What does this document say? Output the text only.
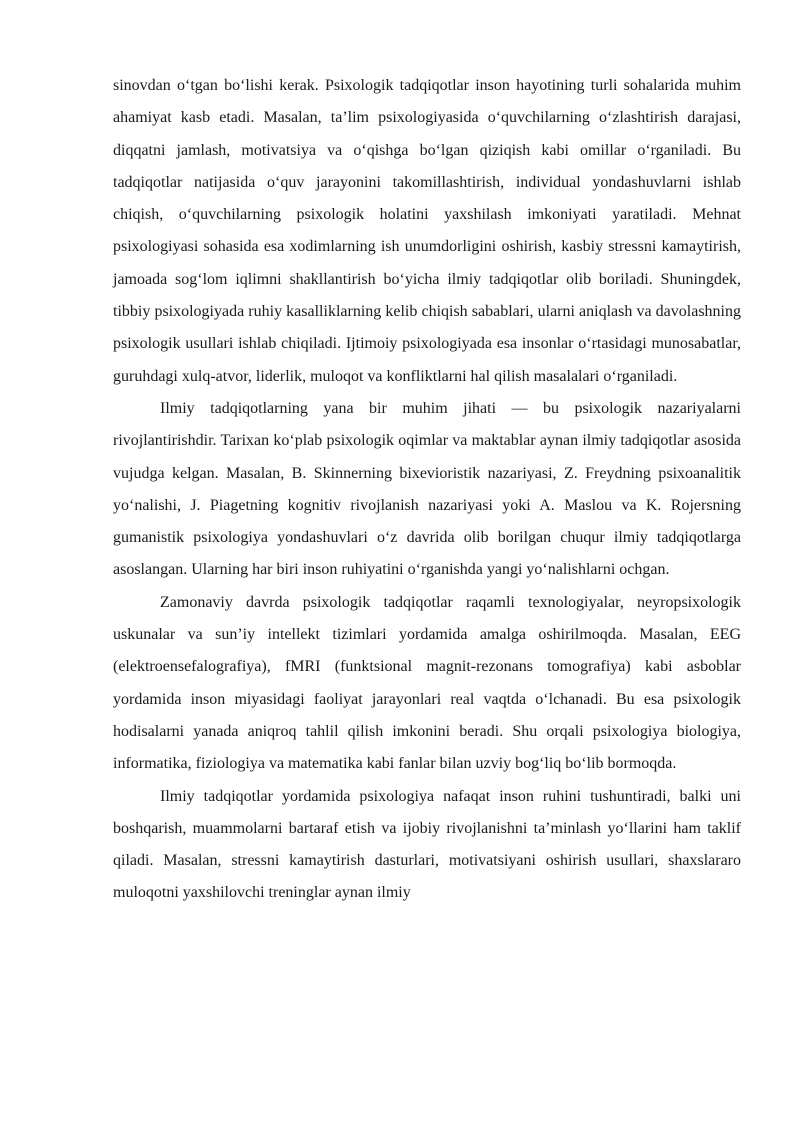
sinovdan o‘tgan bo‘lishi kerak. Psixologik tadqiqotlar inson hayotining turli sohalarida muhim ahamiyat kasb etadi. Masalan, ta’lim psixologiyasida o‘quvchilarning o‘zlashtirish darajasi, diqqatni jamlash, motivatsiya va o‘qishga bo‘lgan qiziqish kabi omillar o‘rganiladi. Bu tadqiqotlar natijasida o‘quv jarayonini takomillashtirish, individual yondashuvlarni ishlab chiqish, o‘quvchilarning psixologik holatini yaxshilash imkoniyati yaratiladi. Mehnat psixologiyasi sohasida esa xodimlarning ish unumdorligini oshirish, kasbiy stressni kamaytirish, jamoada sog‘lom iqlimni shakllantirish bo‘yicha ilmiy tadqiqotlar olib boriladi. Shuningdek, tibbiy psixologiyada ruhiy kasalliklarning kelib chiqish sabablari, ularni aniqlash va davolashning psixologik usullari ishlab chiqiladi. Ijtimoiy psixologiyada esa insonlar o‘rtasidagi munosabatlar, guruhdagi xulq-atvor, liderlik, muloqot va konfliktlarni hal qilish masalalari o‘rganiladi.

Ilmiy tadqiqotlarning yana bir muhim jihati — bu psixologik nazariyalarni rivojlantirishdir. Tarixan ko‘plab psixologik oqimlar va maktablar aynan ilmiy tadqiqotlar asosida vujudga kelgan. Masalan, B. Skinnerning bixevioristik nazariyasi, Z. Freydning psixoanalitik yo‘nalishi, J. Piagetning kognitiv rivojlanish nazariyasi yoki A. Maslou va K. Rojersning gumanistik psixologiya yondashuvlari o‘z davrida olib borilgan chuqur ilmiy tadqiqotlarga asoslangan. Ularning har biri inson ruhiyatini o‘rganishda yangi yo‘nalishlarni ochgan.

Zamonaviy davrda psixologik tadqiqotlar raqamli texnologiyalar, neyropsixologik uskunalar va sun’iy intellekt tizimlari yordamida amalga oshirilmoqda. Masalan, EEG (elektroensefalografiya), fMRI (funktsional magnit-rezonans tomografiya) kabi asboblar yordamida inson miyasidagi faoliyat jarayonlari real vaqtda o‘lchanadi. Bu esa psixologik hodisalarni yanada aniqroq tahlil qilish imkonini beradi. Shu orqali psixologiya biologiya, informatika, fiziologiya va matematika kabi fanlar bilan uzviy bog‘liq bo‘lib bormoqda.

Ilmiy tadqiqotlar yordamida psixologiya nafaqat inson ruhini tushuntiradi, balki uni boshqarish, muammolarni bartaraf etish va ijobiy rivojlanishni ta’minlash yo‘llarini ham taklif qiladi. Masalan, stressni kamaytirish dasturlari, motivatsiyani oshirish usullari, shaxslararo muloqotni yaxshilovchi treninglar aynan ilmiy
